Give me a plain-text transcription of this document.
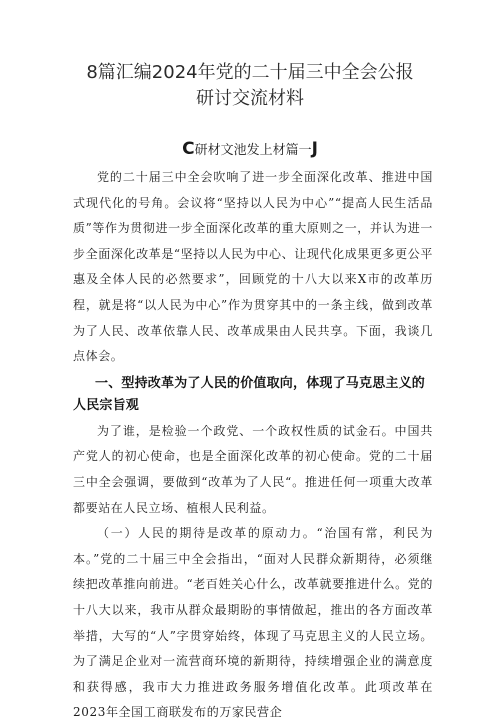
8篇汇编2024年党的二十届三中全会公报
研讨交流材料
C研材文池发上材篇一J

党的二十届三中全会吹响了进一步全面深化改革、推进中国式现代化的号角。会议将“坚持以人民为中心”“提高人民生活品质”等作为贯彻进一步全面深化改革的重大原则之一，并认为进一步全面深化改革是“坚持以人民为中心、让现代化成果更多更公平惠及全体人民的必然要求”，回顾党的十八大以来X市的改革历程，就是将“以人民为中心”作为贯穿其中的一条主线，做到改革为了人民、改革依靠人民、改革成果由人民共享。下面，我谈几点体会。

一、型持改革为了人民的价值取向，体现了马克思主义的人民宗旨观

为了谁，是检验一个政党、一个政权性质的试金石。中国共产党人的初心使命，也是全面深化改革的初心使命。党的二十届三中全会强调，要做到“改革为了人民“。推进任何一项重大改革都要站在人民立场、植根人民利益。

（一）人民的期待是改革的原动力。“治国有常，利民为本。”党的二十届三中全会指出，“面对人民群众新期待，必须继续把改革推向前进。“老百姓关心什么，改革就要推进什么。党的十八大以来，我市从群众最期盼的事情做起，推出的各方面改革举措，大写的“人”字贯穿始终，体现了马克思主义的人民立场。为了满足企业对一流营商环境的新期待，持续增强企业的满意度和获得感，我市大力推进政务服务增值化改革。此项改革在2023年全国工商联发布的万家民营企
